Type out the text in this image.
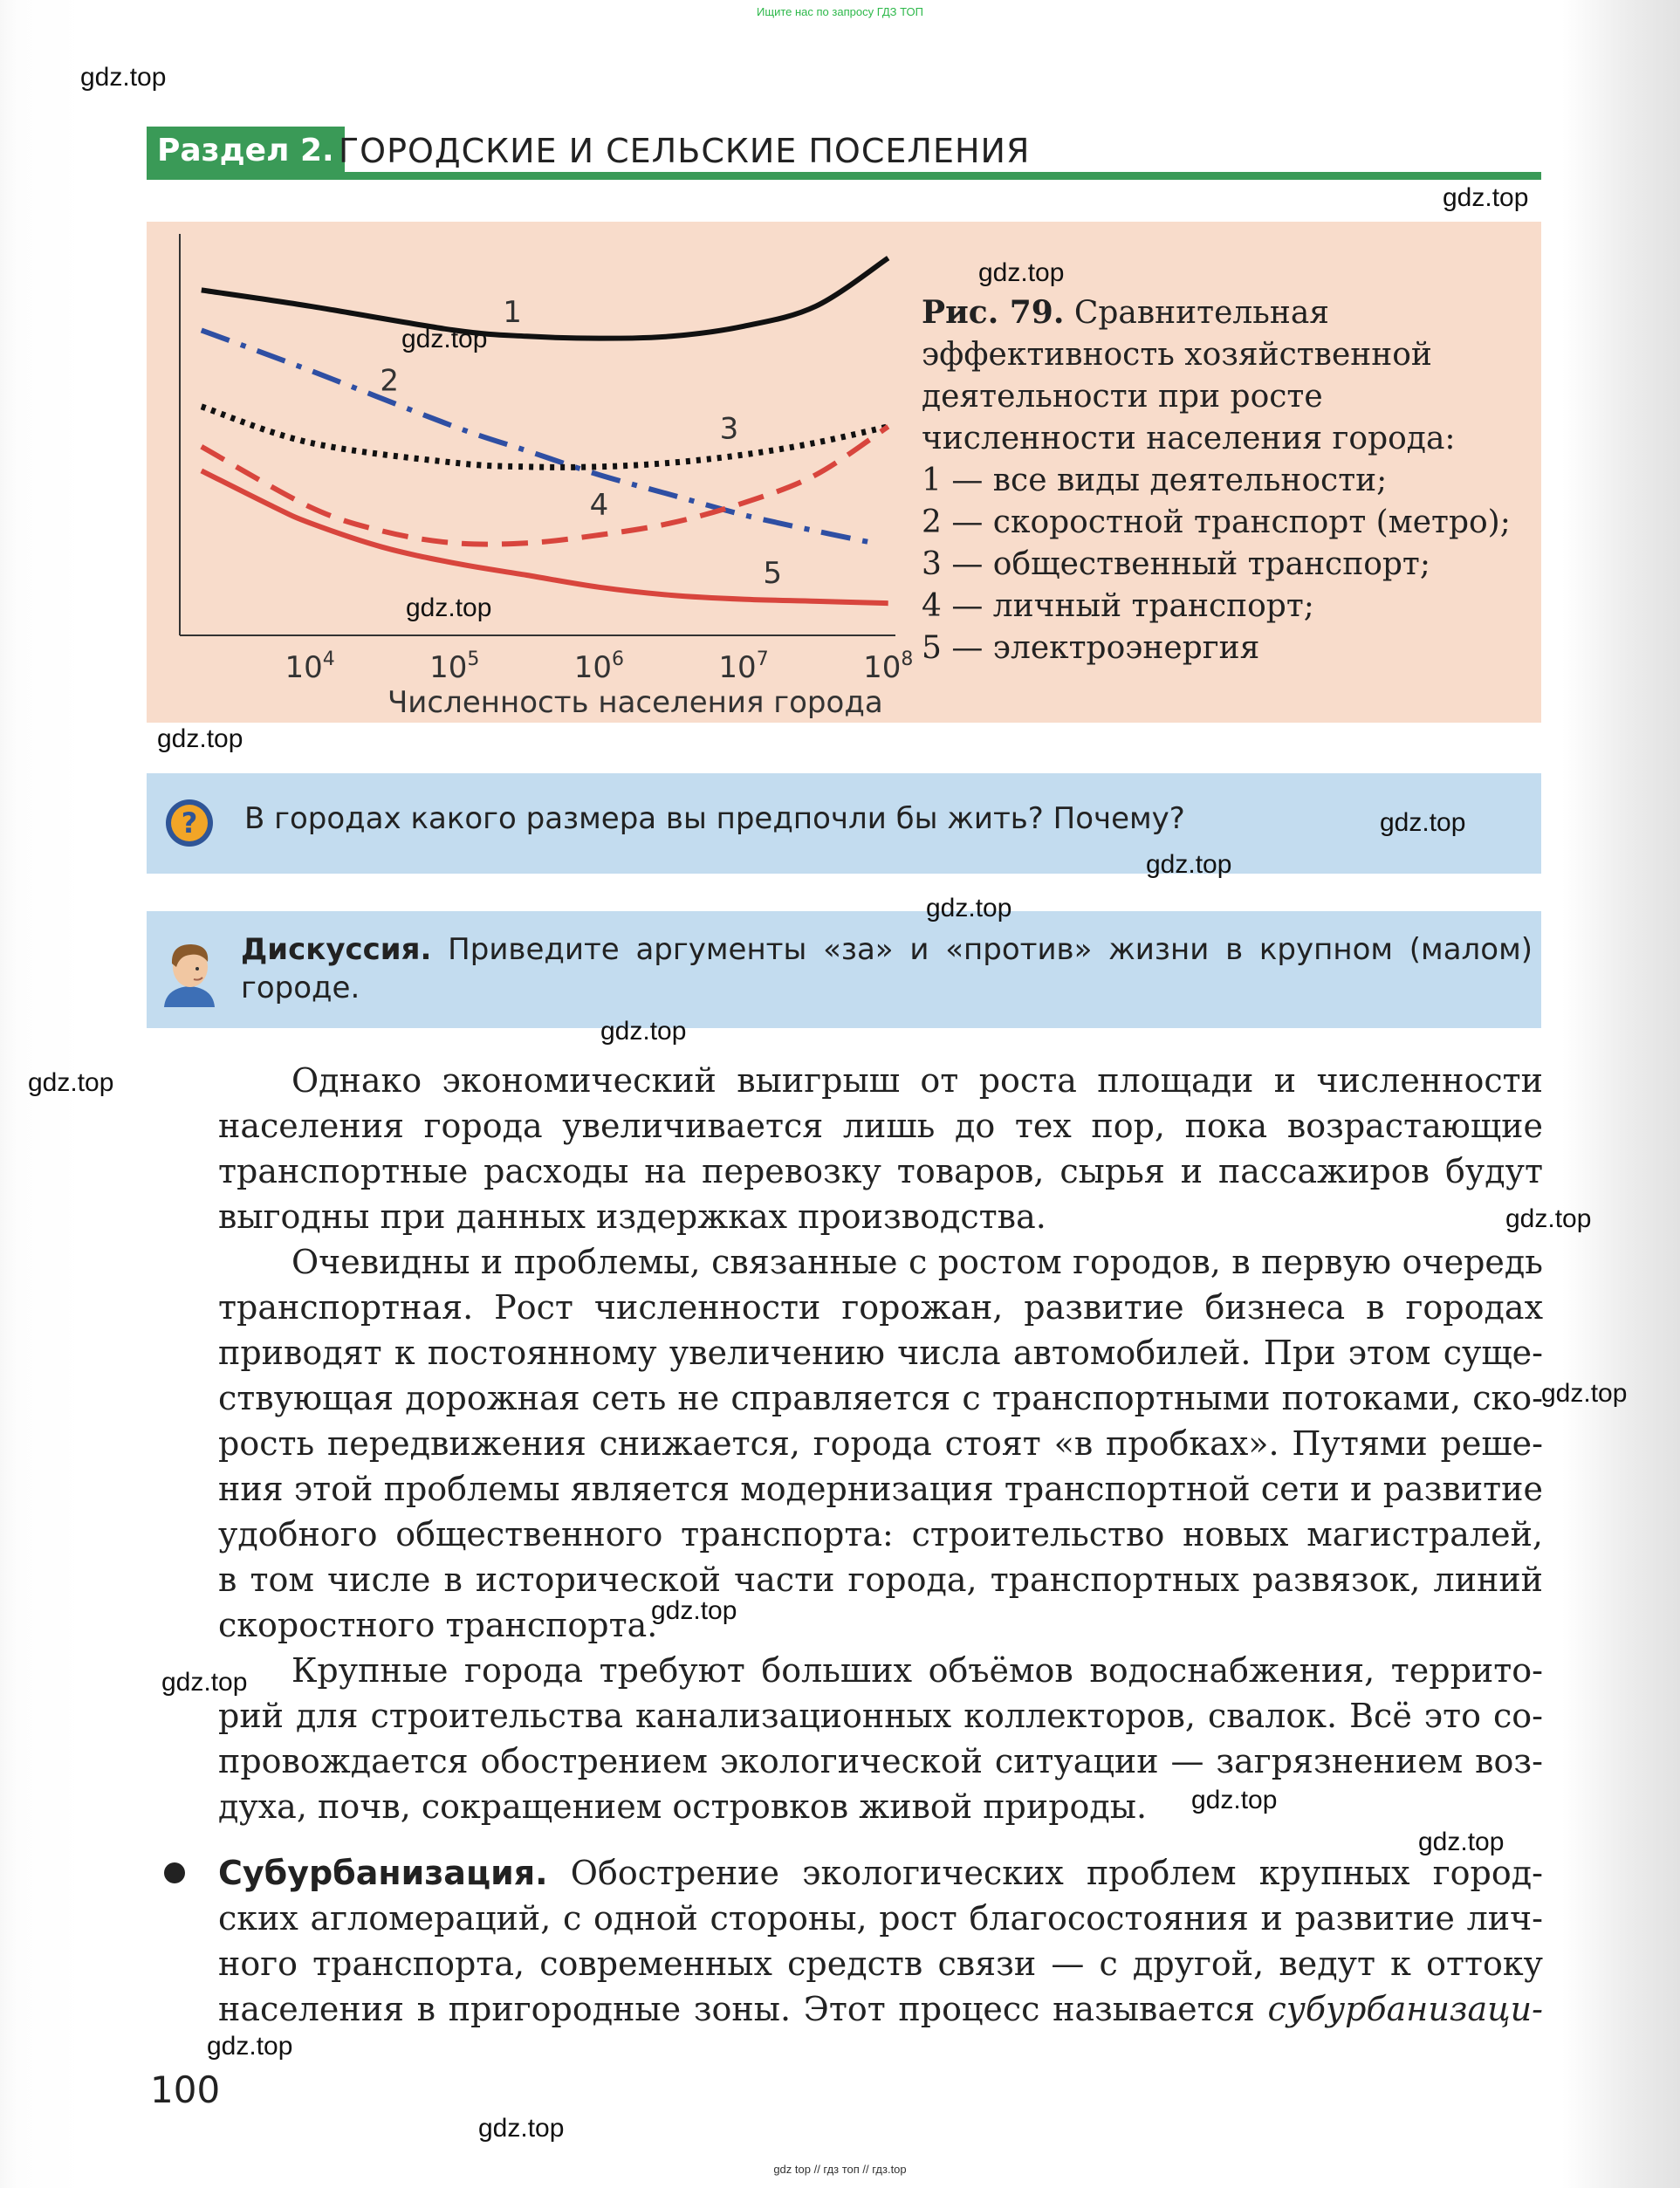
Ищите нас по запросу ГДЗ ТОП
Раздел 2. ГОРОДСКИЕ И СЕЛЬСКИЕ ПОСЕЛЕНИЯ
1
2
3
4
5
$10^4$	$10^5$	$10^6$	$10^7$	$10^8$
Численность населения города
Рис. 79. Сравнительная эффективность хозяйственной деятельности при росте численности населения города:
1 — все виды деятельности;
2 — скоростной транспорт (метро);
3 — общественный транспорт;
4 — личный транспорт;
5 — электроэнергия
? В городах какого размера вы предпочли бы жить? Почему?
Дискуссия. Приведите аргументы «за» и «против» жизни в крупном (малом) городе.
Однако экономический выигрыш от роста площади и численности
населения города увеличивается лишь до тех пор, пока возрастающие
транспортные расходы на перевозку товаров, сырья и пассажиров будут
выгодны при данных издержках производства.
Очевидны и проблемы, связанные с ростом городов, в первую очередь
транспортная. Рост численности горожан, развитие бизнеса в городах
приводят к постоянному увеличению числа автомобилей. При этом суще-
ствующая дорожная сеть не справляется с транспортными потоками, ско-
рость передвижения снижается, города стоят «в пробках». Путями реше-
ния этой проблемы является модернизация транспортной сети и развитие
удобного общественного транспорта: строительство новых магистралей,
в том числе в исторической части города, транспортных развязок, линий
скоростного транспорта.
Крупные города требуют больших объёмов водоснабжения, террито-
рий для строительства канализационных коллекторов, свалок. Всё это со-
провождается обострением экологической ситуации — загрязнением воз-
духа, почв, сокращением островков живой природы.
Субурбанизация. Обострение экологических проблем крупных город-
ских агломераций, с одной стороны, рост благосостояния и развитие лич-
ного транспорта, современных средств связи — с другой, ведут к оттоку
населения в пригородные зоны. Этот процесс называется субурбанизаци-
100
gdz.top
gdz.top
gdz.top
gdz.top
gdz.top
gdz.top
gdz.top
gdz.top
gdz.top
gdz.top
gdz.top
gdz.top
gdz.top
gdz.top
gdz.top
gdz.top
gdz.top
gdz.top
gdz.top
gdz top // гдз топ // гдз.top
